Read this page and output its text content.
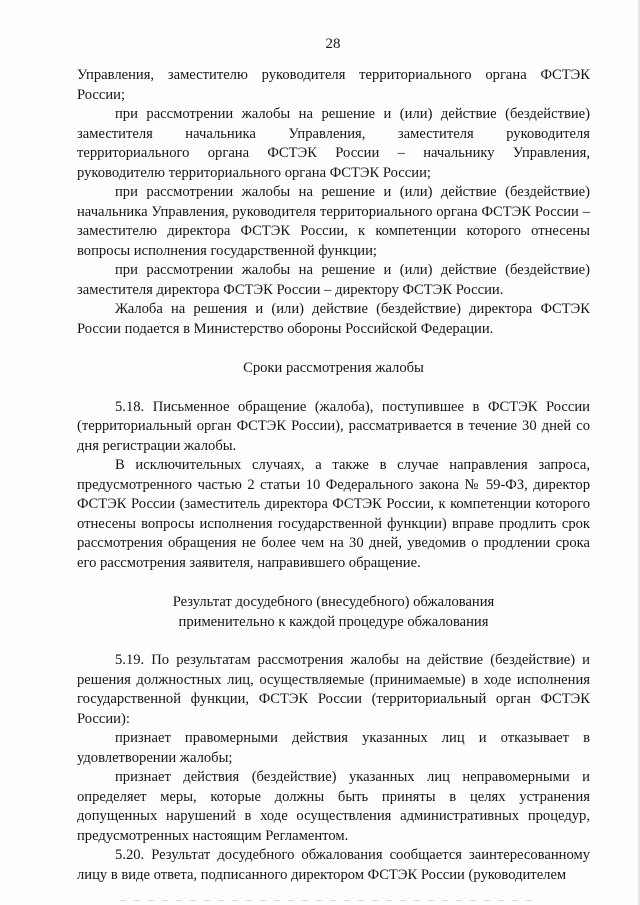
28

Управления, заместителю руководителя территориального органа ФСТЭК России;

при рассмотрении жалобы на решение и (или) действие (бездействие) заместителя начальника Управления, заместителя руководителя территориального органа ФСТЭК России – начальнику Управления, руководителю территориального органа ФСТЭК России;

при рассмотрении жалобы на решение и (или) действие (бездействие) начальника Управления, руководителя территориального органа ФСТЭК России – заместителю директора ФСТЭК России, к компетенции которого отнесены вопросы исполнения государственной функции;

при рассмотрении жалобы на решение и (или) действие (бездействие) заместителя директора ФСТЭК России – директору ФСТЭК России.

Жалоба на решения и (или) действие (бездействие) директора ФСТЭК России подается в Министерство обороны Российской Федерации.

Сроки рассмотрения жалобы

5.18. Письменное обращение (жалоба), поступившее в ФСТЭК России (территориальный орган ФСТЭК России), рассматривается в течение 30 дней со дня регистрации жалобы.

В исключительных случаях, а также в случае направления запроса, предусмотренного частью 2 статьи 10 Федерального закона № 59-ФЗ, директор ФСТЭК России (заместитель директора ФСТЭК России, к компетенции которого отнесены вопросы исполнения государственной функции) вправе продлить срок рассмотрения обращения не более чем на 30 дней, уведомив о продлении срока его рассмотрения заявителя, направившего обращение.

Результат досудебного (внесудебного) обжалования
применительно к каждой процедуре обжалования

5.19. По результатам рассмотрения жалобы на действие (бездействие) и решения должностных лиц, осуществляемые (принимаемые) в ходе исполнения государственной функции, ФСТЭК России (территориальный орган ФСТЭК России):

признает правомерными действия указанных лиц и отказывает в удовлетворении жалобы;

признает действия (бездействие) указанных лиц неправомерными и определяет меры, которые должны быть приняты в целях устранения допущенных нарушений в ходе осуществления административных процедур, предусмотренных настоящим Регламентом.

5.20. Результат досудебного обжалования сообщается заинтересованному лицу в виде ответа, подписанного директором ФСТЭК России (руководителем
